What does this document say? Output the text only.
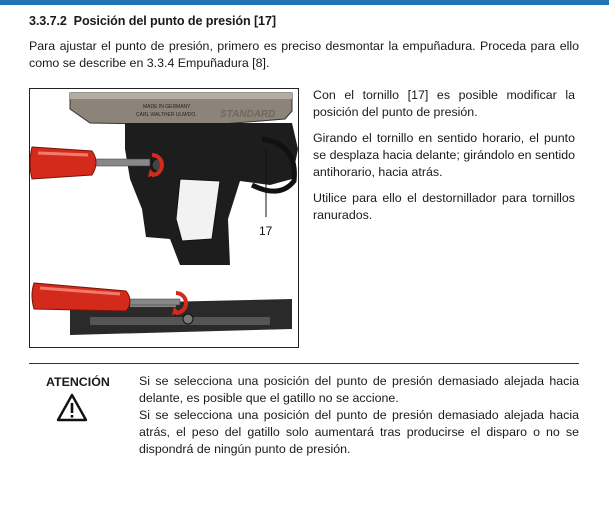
3.3.7.2 Posición del punto de presión [17]
Para ajustar el punto de presión, primero es preciso desmontar la empuñadura. Proceda para ello como se describe en 3.3.4 Empuñadura [8].
MADE IN GERMANY
CARL WALTHER ULM/DO. STANDARD
17

Con el tornillo [17] es posible modificar la posición del punto de presión.

Girando el tornillo en sentido horario, el punto se desplaza hacia delante; girándolo en sentido antihorario, hacia atrás.

Utilice para ello el destornillador para tornillos ranurados.

ATENCIÓN Si se selecciona una posición del punto de presión demasiado alejada hacia delante, es posible que el gatillo no se accione.

Si se selecciona una posición del punto de presión demasiado alejada hacia atrás, el peso del gatillo solo aumentará tras producirse el disparo o no se dispondrá de ningún punto de presión.
